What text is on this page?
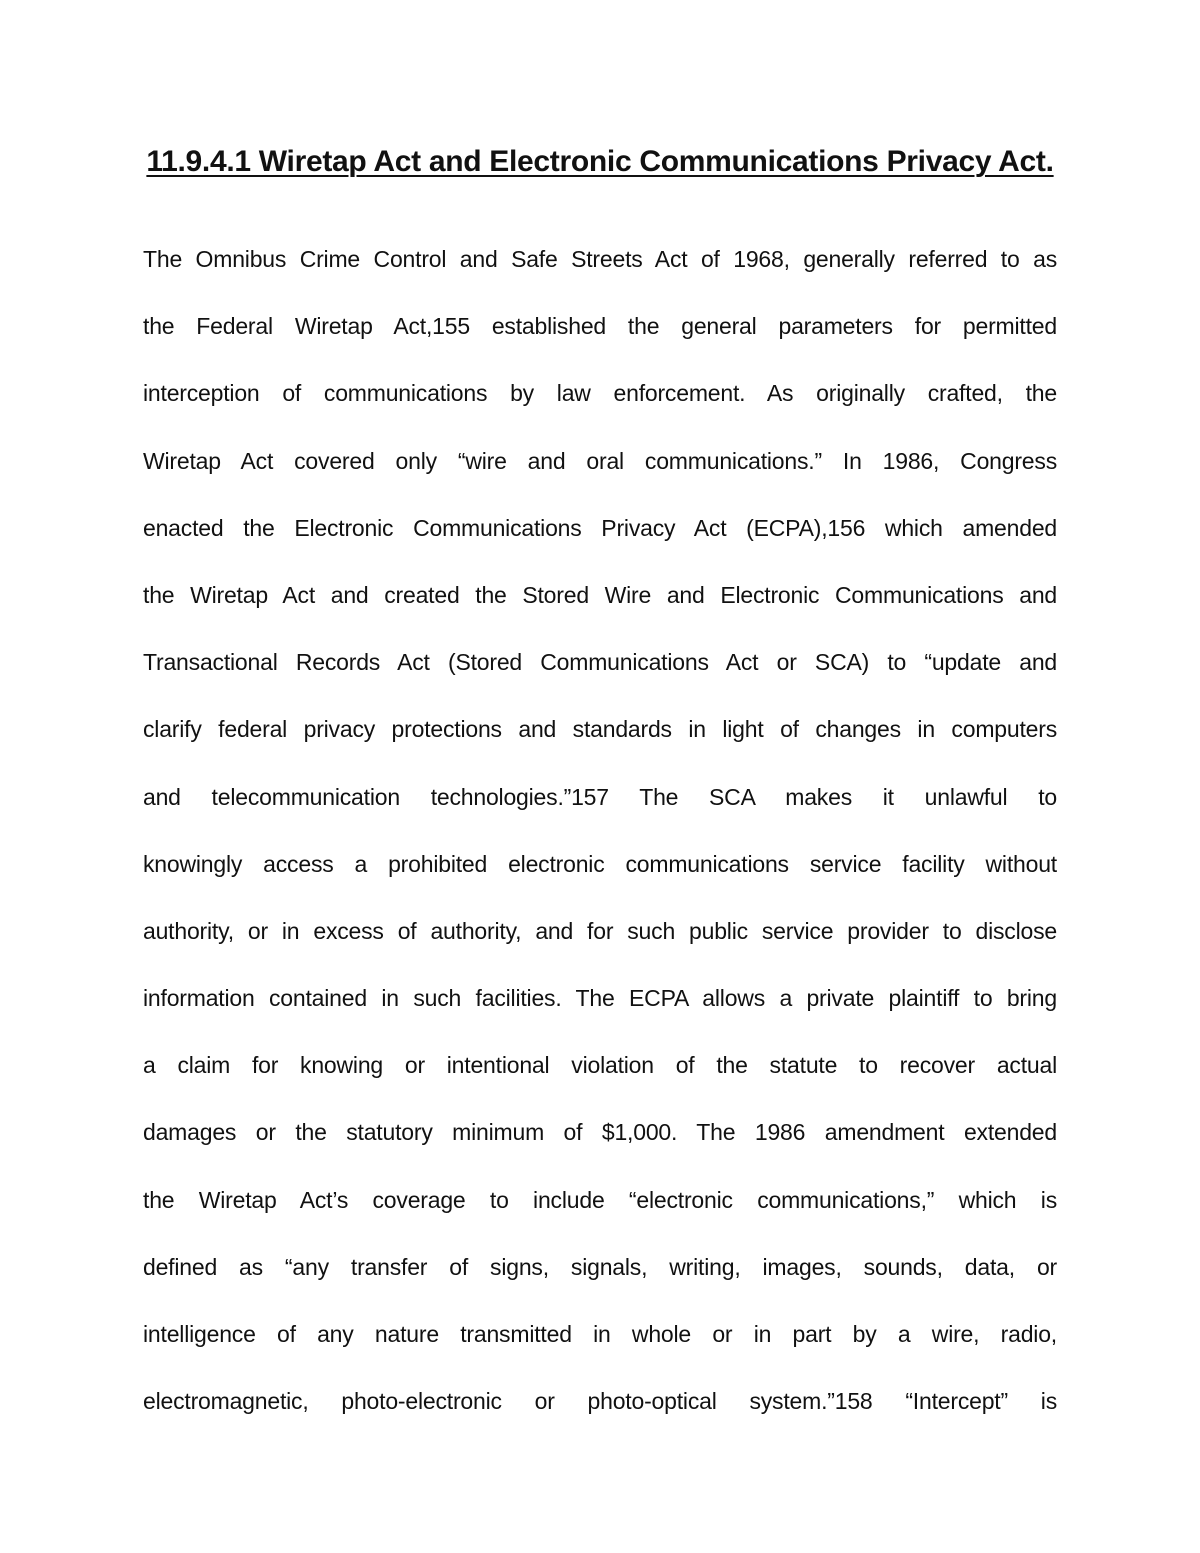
11.9.4.1 Wiretap Act and Electronic Communications Privacy Act.
The Omnibus Crime Control and Safe Streets Act of 1968, generally referred to as
the Federal Wiretap Act,155 established the general parameters for permitted
interception of communications by law enforcement. As originally crafted, the
Wiretap Act covered only “wire and oral communications.” In 1986, Congress
enacted the Electronic Communications Privacy Act (ECPA),156 which amended
the Wiretap Act and created the Stored Wire and Electronic Communications and
Transactional Records Act (Stored Communications Act or SCA) to “update and
clarify federal privacy protections and standards in light of changes in computers
and telecommunication technologies.”157 The SCA makes it unlawful to
knowingly access a prohibited electronic communications service facility without
authority, or in excess of authority, and for such public service provider to disclose
information contained in such facilities. The ECPA allows a private plaintiff to bring
a claim for knowing or intentional violation of the statute to recover actual
damages or the statutory minimum of $1,000. The 1986 amendment extended
the Wiretap Act’s coverage to include “electronic communications,” which is
defined as “any transfer of signs, signals, writing, images, sounds, data, or
intelligence of any nature transmitted in whole or in part by a wire, radio,
electromagnetic, photo-electronic or photo-optical system.”158 “Intercept” is
